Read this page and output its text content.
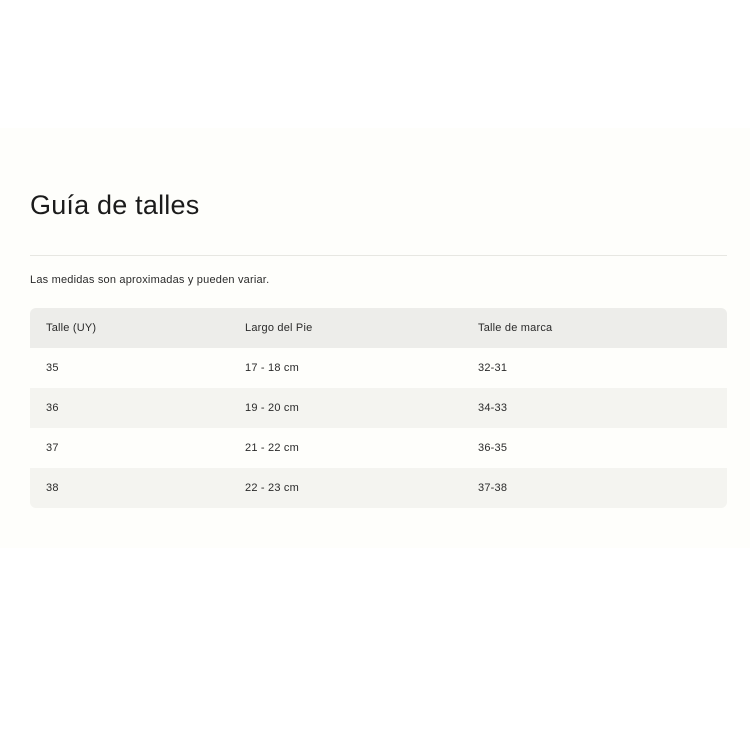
Guía de talles
Las medidas son aproximadas y pueden variar.
Talle (UY)	Largo del Pie	Talle de marca
35	17 - 18 cm	32-31
36	19 - 20 cm	34-33
37	21 - 22 cm	36-35
38	22 - 23 cm	37-38
